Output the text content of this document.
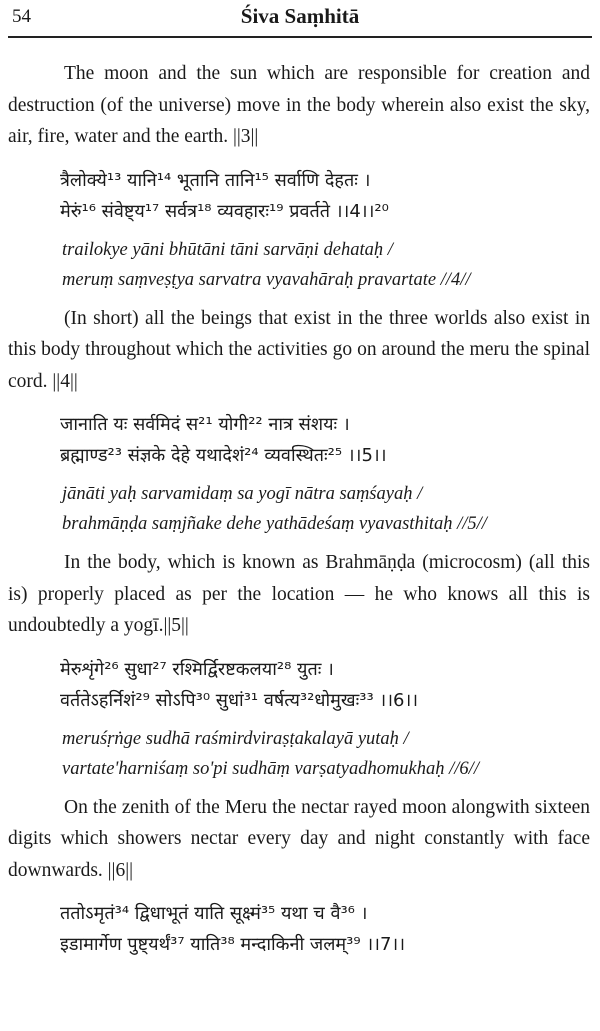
54	Śiva Saṃhitā

The moon and the sun which are responsible for creation and destruction (of the universe) move in the body wherein also exist the sky, air, fire, water and the earth. ||3||

त्रैलोक्ये¹³ यानि¹⁴ भूतानि तानि¹⁵ सर्वाणि देहतः ।
मेरुं¹⁶ संवेष्ट्य¹⁷ सर्वत्र¹⁸ व्यवहारः¹⁹ प्रवर्तते ।।4।।²⁰
trailokye yāni bhūtāni tāni sarvāṇi dehataḥ /
meruṃ saṃveṣṭya sarvatra vyavahāraḥ pravartate //4//

(In short) all the beings that exist in the three worlds also exist in this body throughout which the activities go on around the meru the spinal cord. ||4||

जानाति यः सर्वमिदं स²¹ योगी²² नात्र संशयः ।
ब्रह्माण्ड²³ संज्ञके देहे यथादेशं²⁴ व्यवस्थितः²⁵ ।।5।।
jānāti yaḥ sarvamidaṃ sa yogī nātra saṃśayaḥ /
brahmāṇḍa saṃjñake dehe yathādeśaṃ vyavasthitaḥ //5//

In the body, which is known as Brahmāṇḍa (microcosm) (all this is) properly placed as per the location — he who knows all this is undoubtedly a yogī.||5||

मेरुशृंगे²⁶ सुधा²⁷ रश्मिर्द्विरष्टकलया²⁸ युतः ।
वर्ततेऽहर्निशं²⁹ सोऽपि³⁰ सुधां³¹ वर्षत्य³²धोमुखः³³ ।।6।।
meruśṛṅge sudhā raśmirdviraṣṭakalayā yutaḥ /
vartate'harniśaṃ so'pi sudhāṃ varṣatyadhomukhaḥ //6//

On the zenith of the Meru the nectar rayed moon alongwith sixteen digits which showers nectar every day and night constantly with face downwards. ||6||

ततोऽमृतं³⁴ द्विधाभूतं याति सूक्ष्मं³⁵ यथा च वै³⁶ ।
इडामार्गेण पुष्ट्यर्थं³⁷ याति³⁸ मन्दाकिनी जलम्³⁹ ।।7।।
